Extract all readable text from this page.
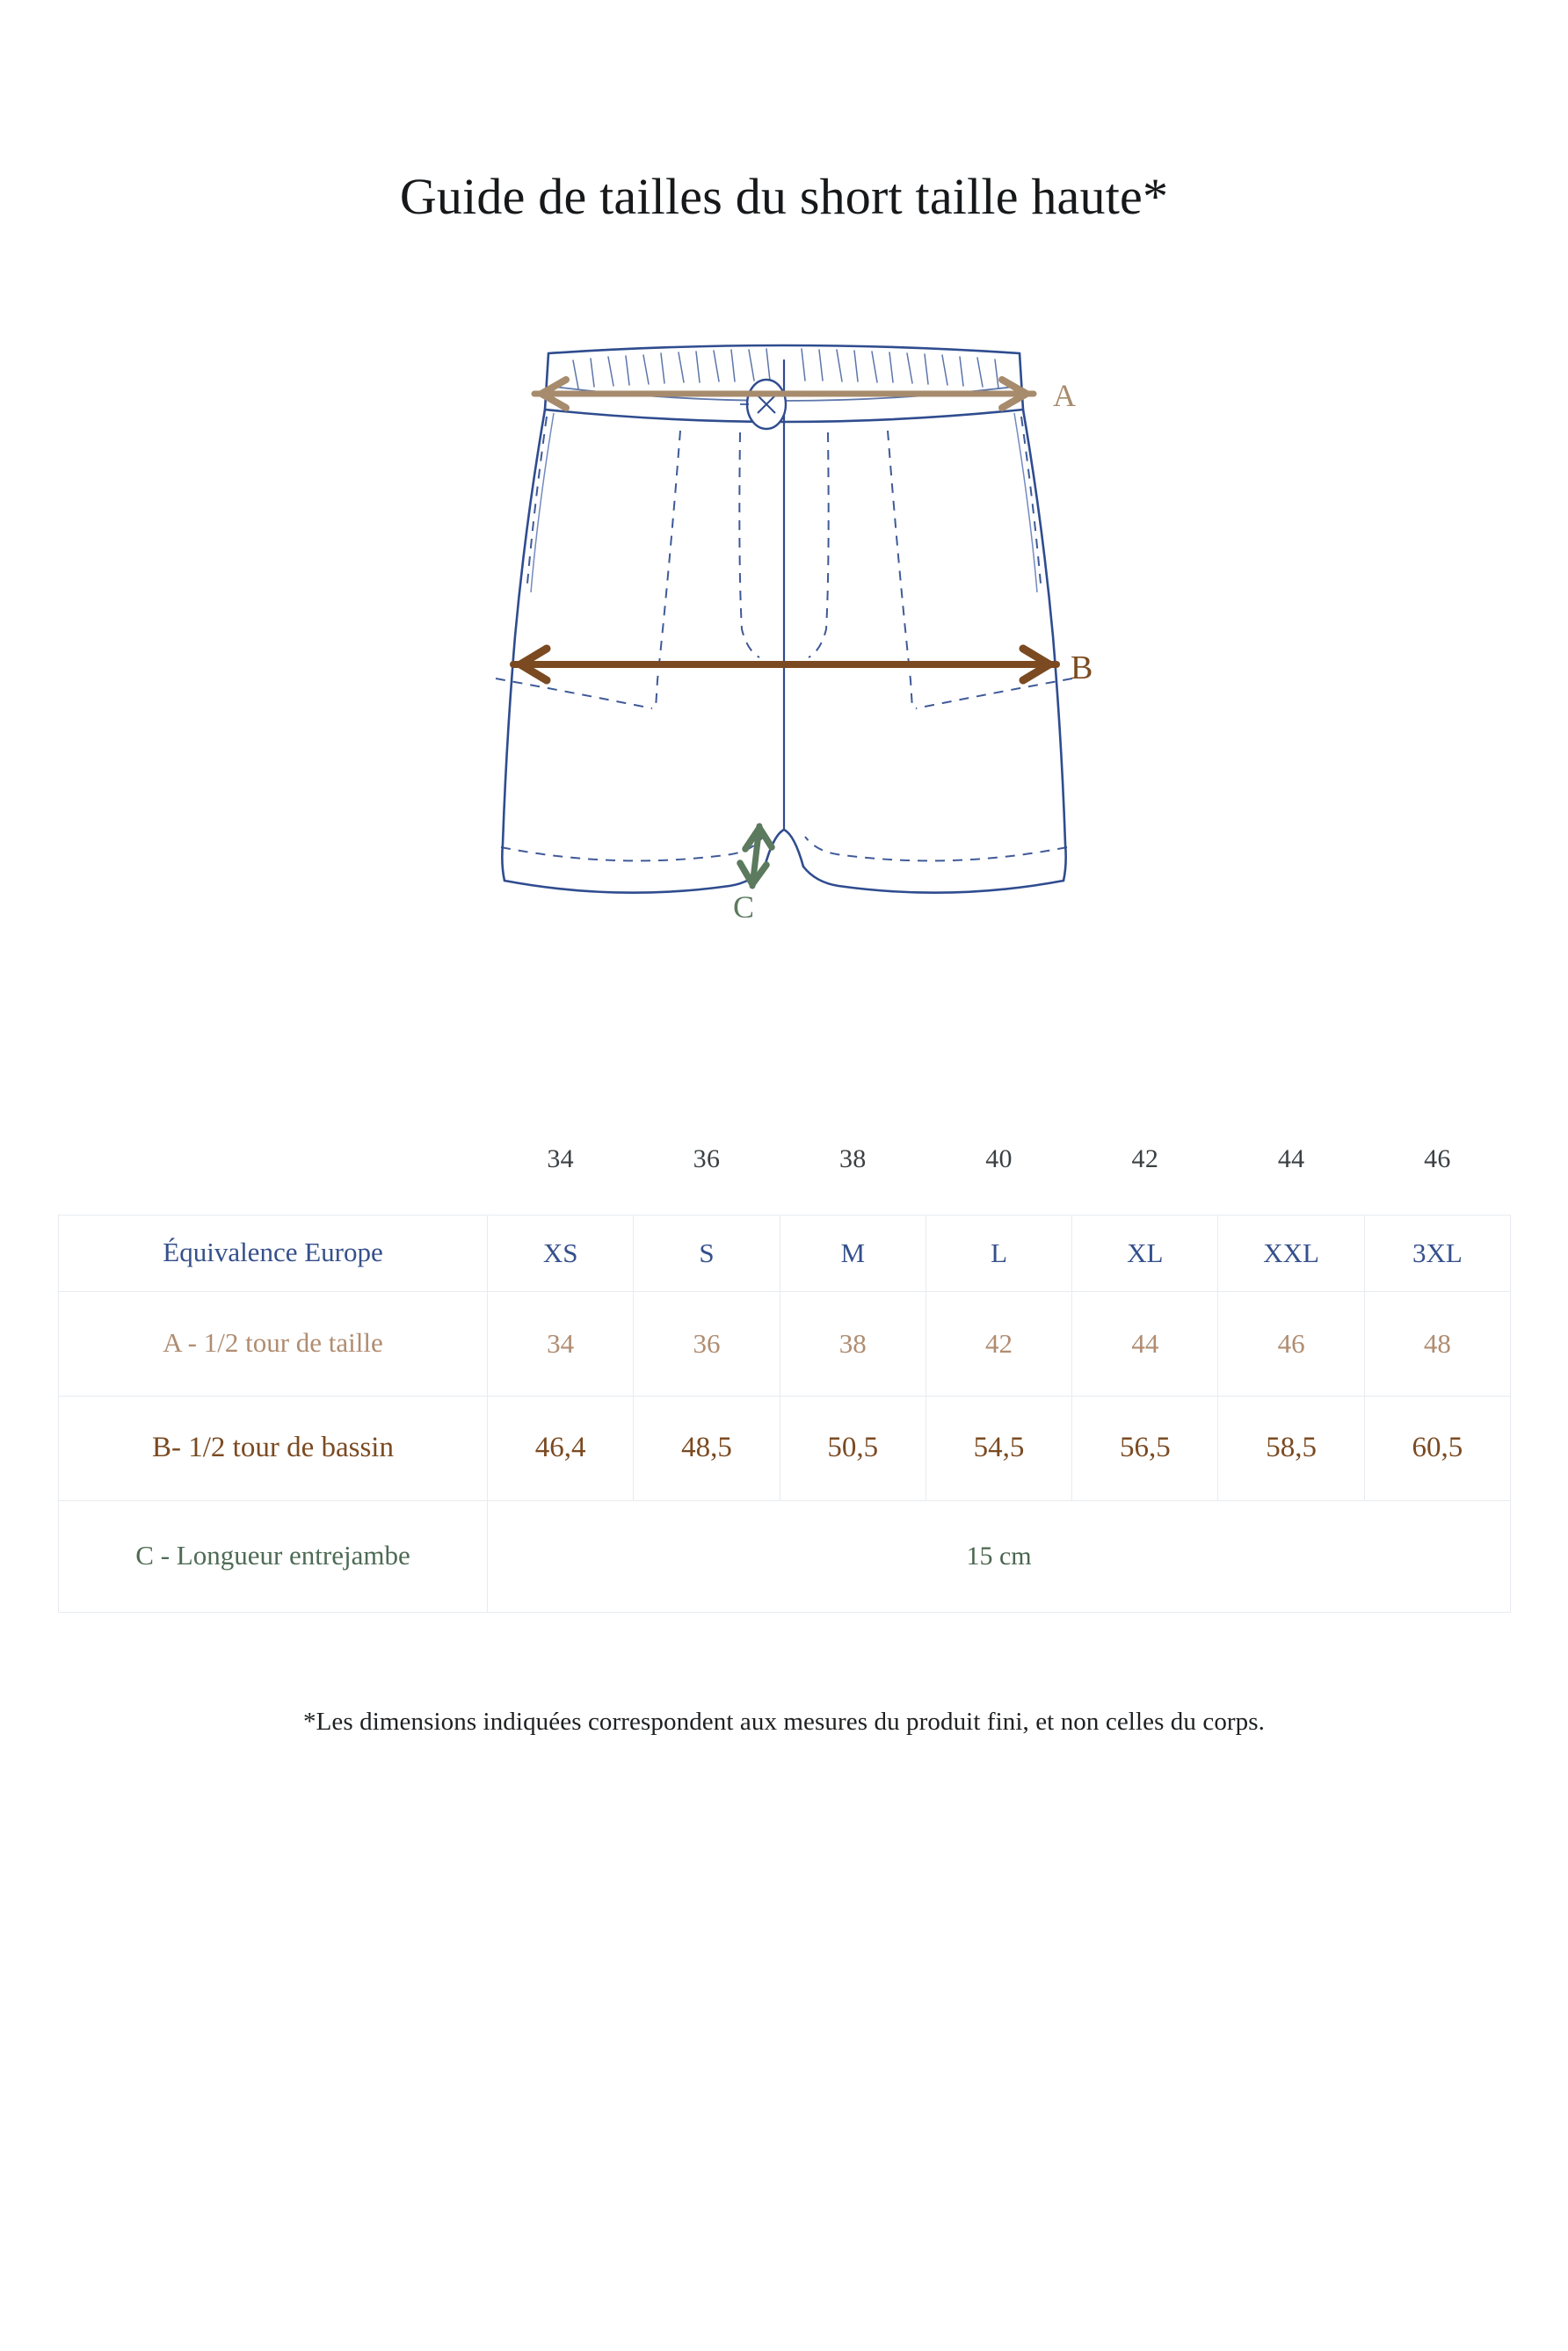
Guide de tailles du short taille haute*
A
B
C
	34	36	38	40	42	44	46
Équivalence Europe	XS	S	M	L	XL	XXL	3XL
A - 1/2 tour de taille	34	36	38	42	44	46	48
B- 1/2 tour de bassin	46,4	48,5	50,5	54,5	56,5	58,5	60,5
C - Longueur entrejambe	15 cm						

*Les dimensions indiquées correspondent aux mesures du produit fini, et non celles du corps.
